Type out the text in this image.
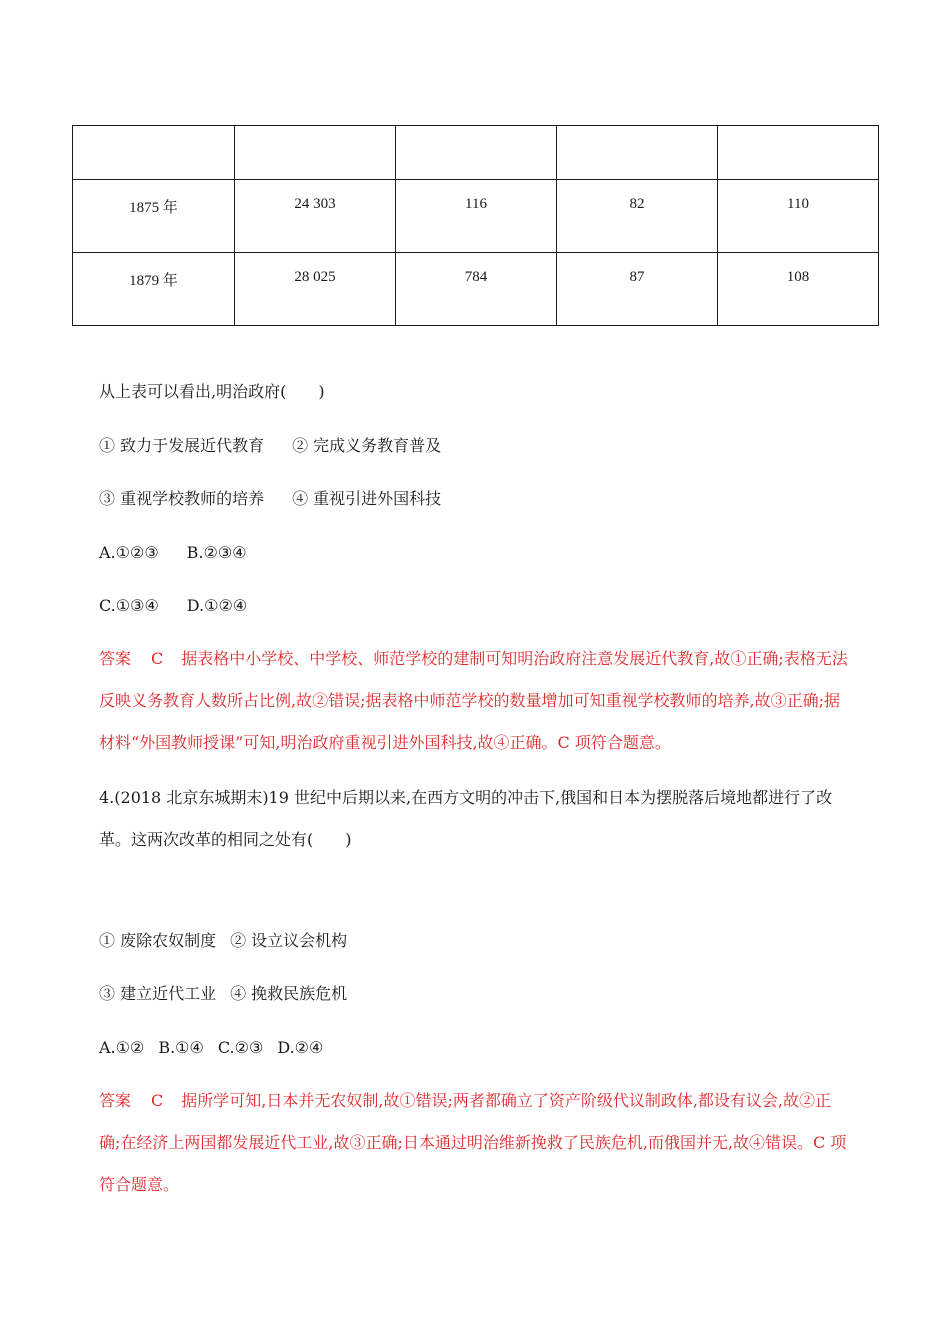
1875 年	24 303	116	82	110
1879 年	28 025	784	87	108
从上表可以看出,明治政府(　　)
① 致力于发展近代教育 ② 完成义务教育普及
③ 重视学校教师的培养 ④ 重视引进外国科技
A.①②③ B.②③④
C.①③④ D.①②④
答案 C 据表格中小学校、中学校、师范学校的建制可知明治政府注意发展近代教育,故①正确;表格无法反映义务教育人数所占比例,故②错误;据表格中师范学校的数量增加可知重视学校教师的培养,故③正确;据材料“外国教师授课”可知,明治政府重视引进外国科技,故④正确。C 项符合题意。
4.(2018 北京东城期末)19 世纪中后期以来,在西方文明的冲击下,俄国和日本为摆脱落后境地都进行了改革。这两次改革的相同之处有(　　)
① 废除农奴制度 ② 设立议会机构
③ 建立近代工业 ④ 挽救民族危机
A.①② B.①④ C.②③ D.②④
答案 C 据所学可知,日本并无农奴制,故①错误;两者都确立了资产阶级代议制政体,都设有议会,故②正确;在经济上两国都发展近代工业,故③正确;日本通过明治维新挽救了民族危机,而俄国并无,故④错误。C 项符合题意。
